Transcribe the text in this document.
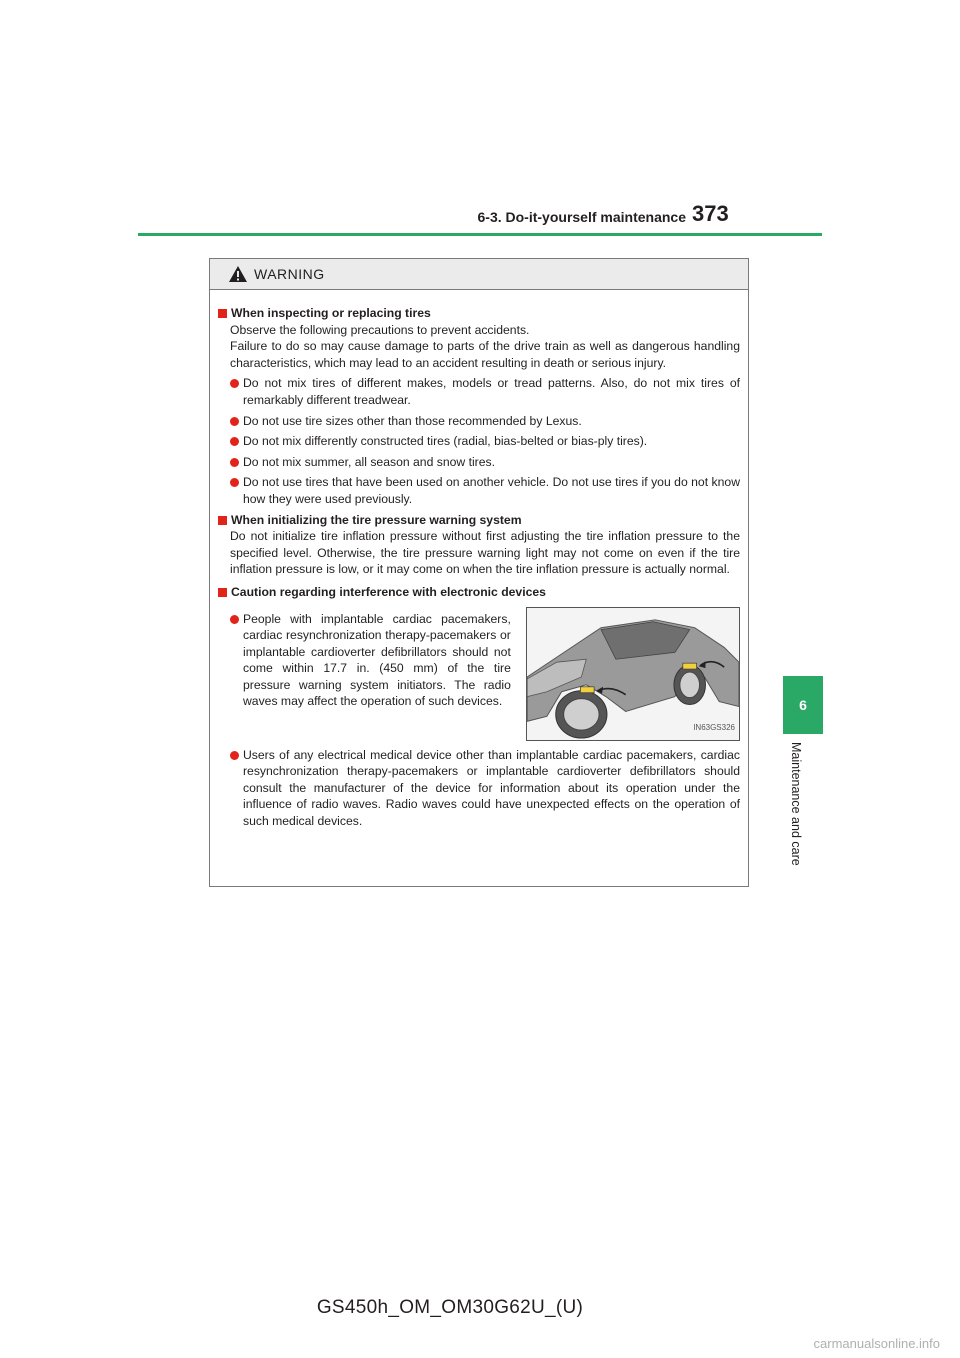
6-3. Do-it-yourself maintenance 373
6
Maintenance and care
WARNING
When inspecting or replacing tires
Observe the following precautions to prevent accidents.
Failure to do so may cause damage to parts of the drive train as well as dangerous handling characteristics, which may lead to an accident resulting in death or serious injury.
Do not mix tires of different makes, models or tread patterns. Also, do not mix tires of remarkably different treadwear.
Do not use tire sizes other than those recommended by Lexus.
Do not mix differently constructed tires (radial, bias-belted or bias-ply tires).
Do not mix summer, all season and snow tires.
Do not use tires that have been used on another vehicle. Do not use tires if you do not know how they were used previously.
When initializing the tire pressure warning system
Do not initialize tire inflation pressure without first adjusting the tire inflation pressure to the specified level. Otherwise, the tire pressure warning light may not come on even if the tire inflation pressure is low, or it may come on when the tire inflation pressure is actually normal.
Caution regarding interference with electronic devices
People with implantable cardiac pacemakers, cardiac resynchronization therapy-pacemakers or implantable cardioverter defibrillators should not come within 17.7 in. (450 mm) of the tire pressure warning system initiators. The radio waves may affect the operation of such devices.
IN63GS326
Users of any electrical medical device other than implantable cardiac pacemakers, cardiac resynchronization therapy-pacemakers or implantable cardioverter defibrillators should consult the manufacturer of the device for information about its operation under the influence of radio waves. Radio waves could have unexpected effects on the operation of such medical devices.
GS450h_OM_OM30G62U_(U)
carmanualsonline.info
